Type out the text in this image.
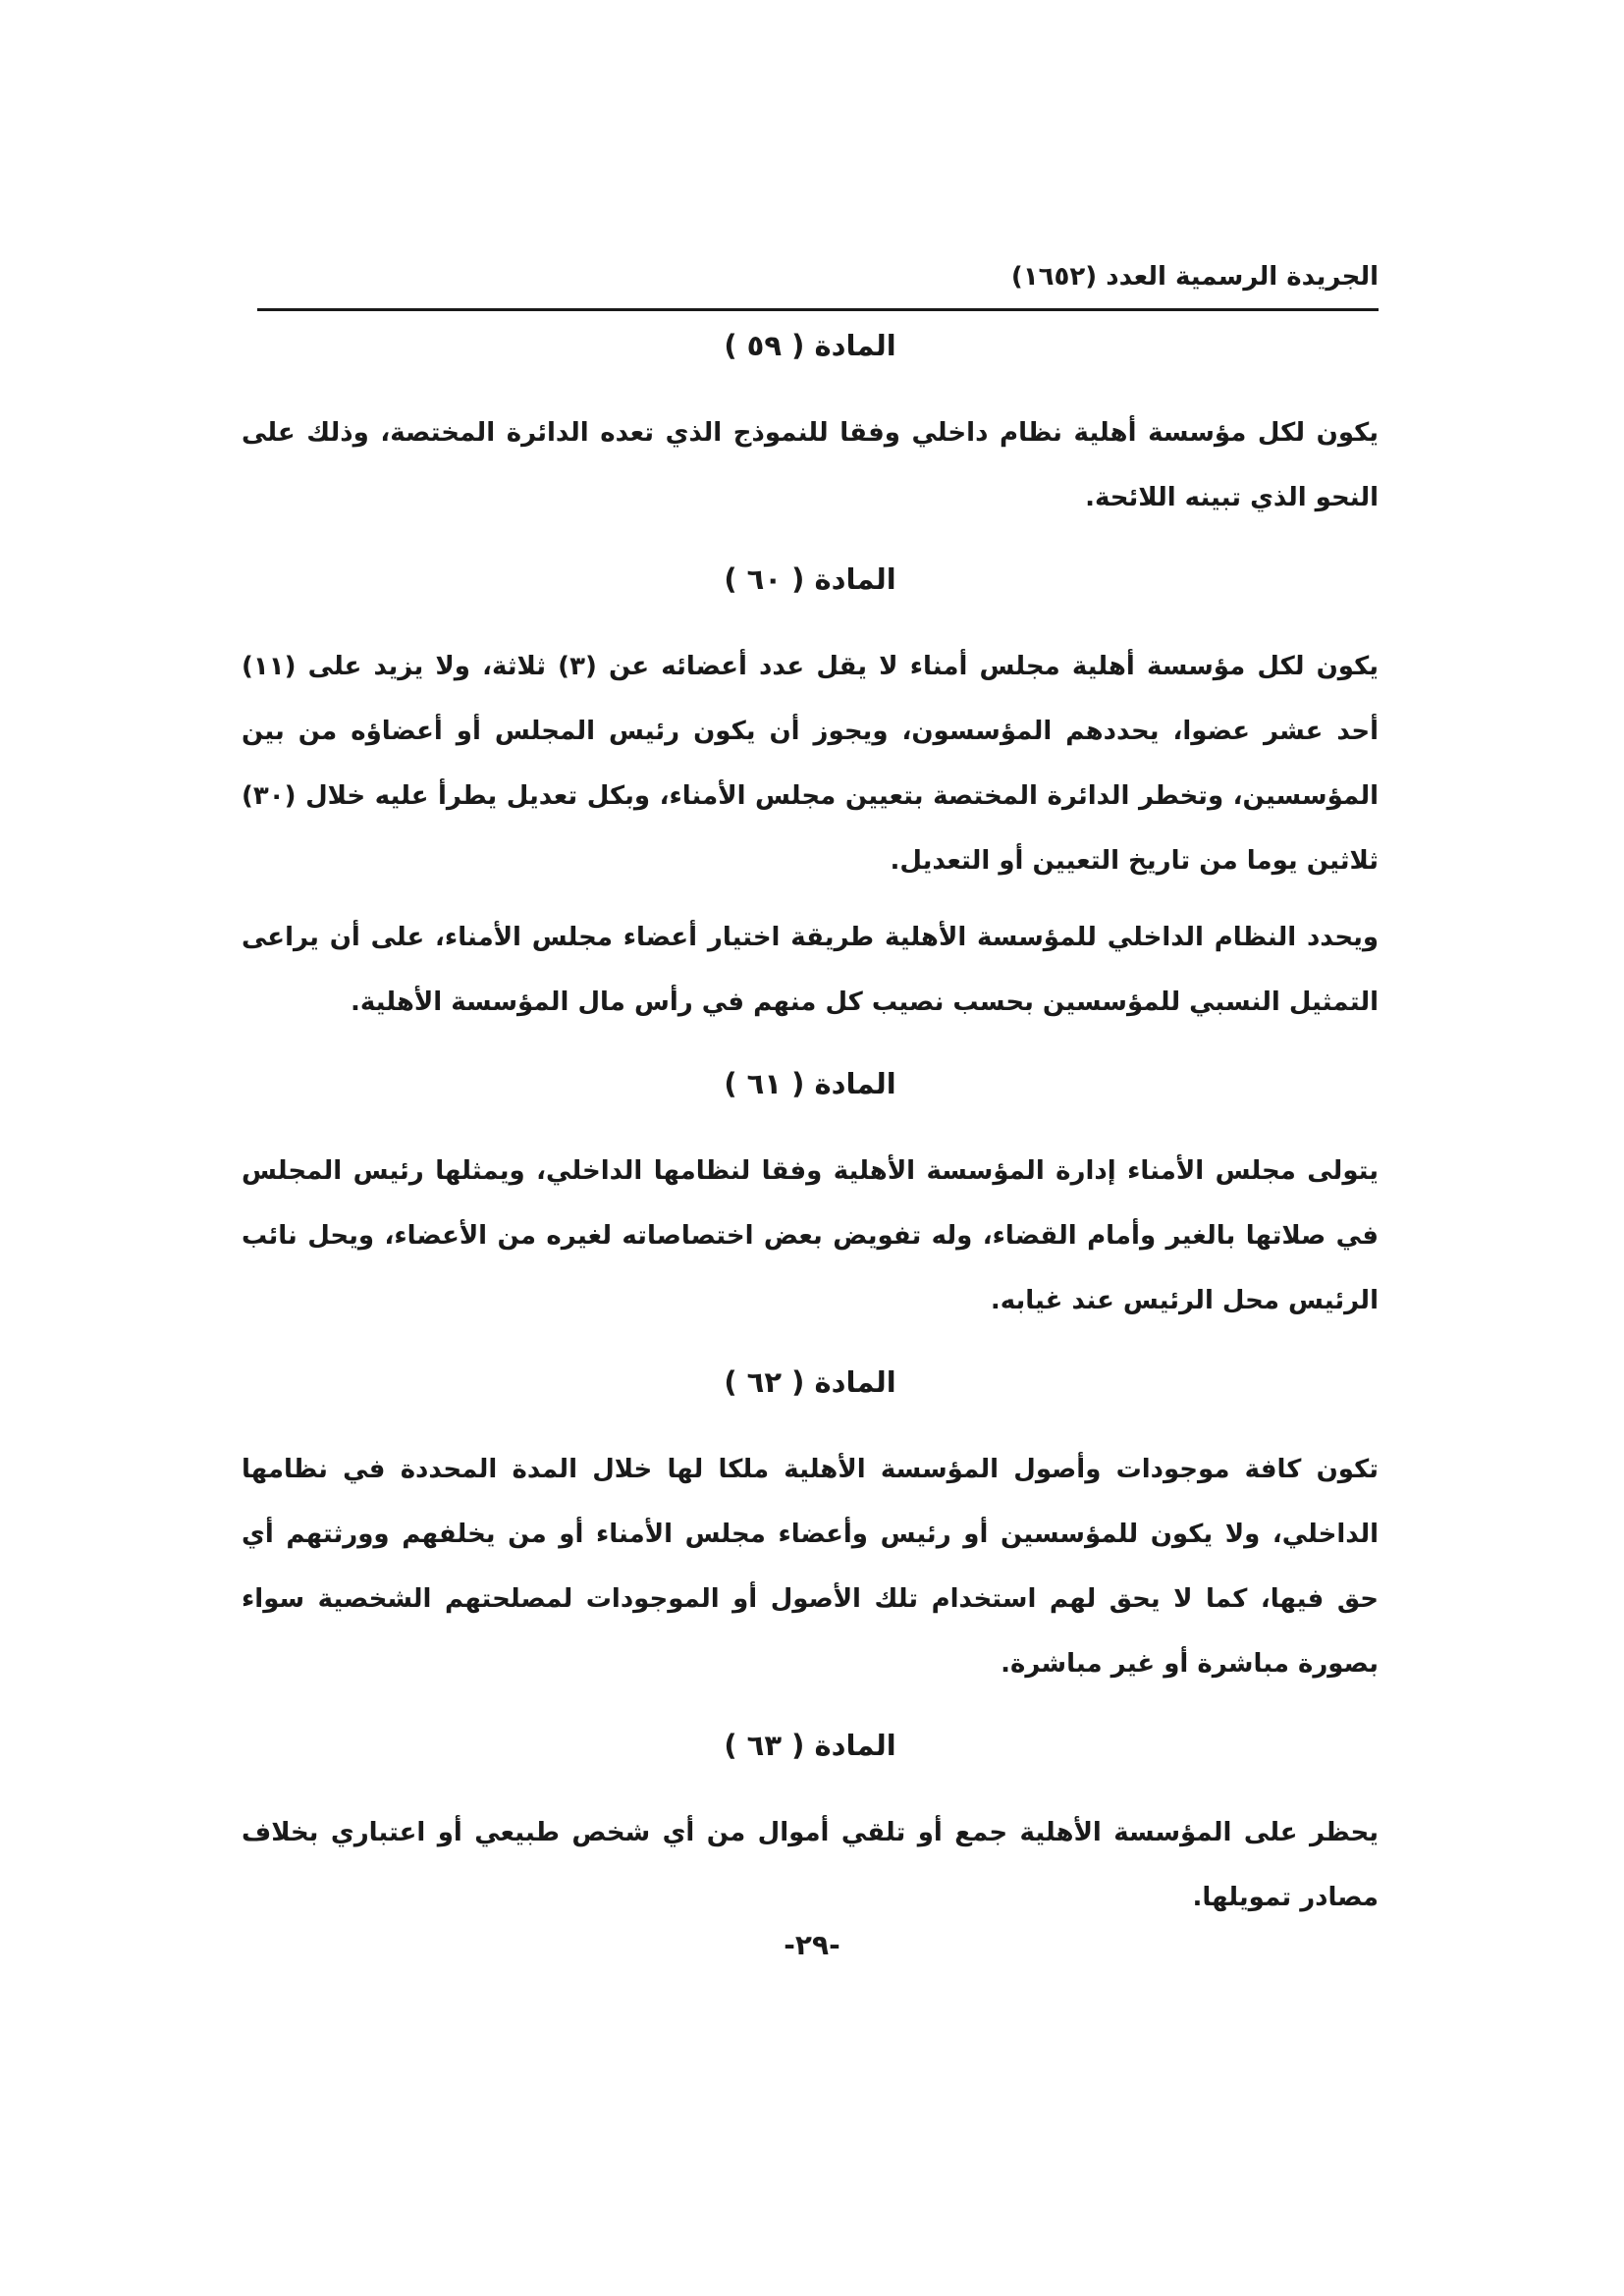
الجريدة الرسمية العدد (١٦٥٢)
المادة ( ٥٩ )

يكون لكل مؤسسة أهلية نظام داخلي وفقا للنموذج الذي تعده الدائرة المختصة، وذلك على النحو الذي تبينه اللائحة.

المادة ( ٦٠ )

يكون لكل مؤسسة أهلية مجلس أمناء لا يقل عدد أعضائه عن (٣) ثلاثة، ولا يزيد على (١١) أحد عشر عضوا، يحددهم المؤسسون، ويجوز أن يكون رئيس المجلس أو أعضاؤه من بين المؤسسين، وتخطر الدائرة المختصة بتعيين مجلس الأمناء، وبكل تعديل يطرأ عليه خلال (٣٠) ثلاثين يوما من تاريخ التعيين أو التعديل.

ويحدد النظام الداخلي للمؤسسة الأهلية طريقة اختيار أعضاء مجلس الأمناء، على أن يراعى التمثيل النسبي للمؤسسين بحسب نصيب كل منهم في رأس مال المؤسسة الأهلية.

المادة ( ٦١ )

يتولى مجلس الأمناء إدارة المؤسسة الأهلية وفقا لنظامها الداخلي، ويمثلها رئيس المجلس في صلاتها بالغير وأمام القضاء، وله تفويض بعض اختصاصاته لغيره من الأعضاء، ويحل نائب الرئيس محل الرئيس عند غيابه.

المادة ( ٦٢ )

تكون كافة موجودات وأصول المؤسسة الأهلية ملكا لها خلال المدة المحددة في نظامها الداخلي، ولا يكون للمؤسسين أو رئيس وأعضاء مجلس الأمناء أو من يخلفهم وورثتهم أي حق فيها، كما لا يحق لهم استخدام تلك الأصول أو الموجودات لمصلحتهم الشخصية سواء بصورة مباشرة أو غير مباشرة.

المادة ( ٦٣ )

يحظر على المؤسسة الأهلية جمع أو تلقي أموال من أي شخص طبيعي أو اعتباري بخلاف مصادر تمويلها.

-٢٩-
